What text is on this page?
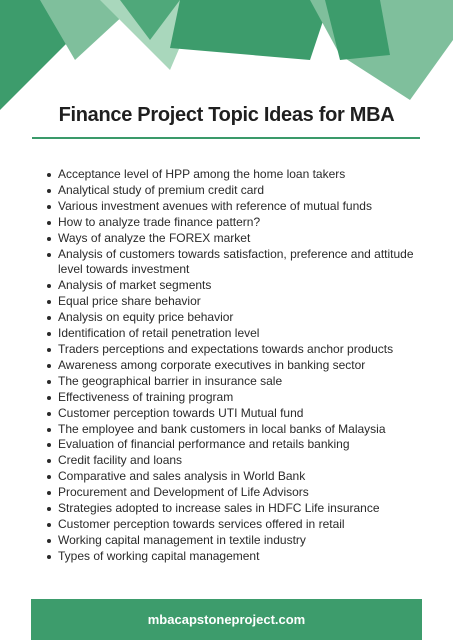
Finance Project Topic Ideas for MBA
Acceptance level of HPP among the home loan takers
Analytical study of premium credit card
Various investment avenues with reference of mutual funds
How to analyze trade finance pattern?
Ways of analyze the FOREX market
Analysis of customers towards satisfaction, preference and attitude level towards investment
Analysis of market segments
Equal price share behavior
Analysis on equity price behavior
Identification of retail penetration level
Traders perceptions and expectations towards anchor products
Awareness among corporate executives in banking sector
The geographical barrier in insurance sale
Effectiveness of training program
Customer perception towards UTI Mutual fund
The employee and bank customers in local banks of Malaysia
Evaluation of financial performance and retails banking
Credit facility and loans
Comparative and sales analysis in World Bank
Procurement and Development of Life Advisors
Strategies adopted to increase sales in HDFC Life insurance
Customer perception towards services offered in retail
Working capital management in textile industry
Types of working capital management
mbacapstoneproject.com
